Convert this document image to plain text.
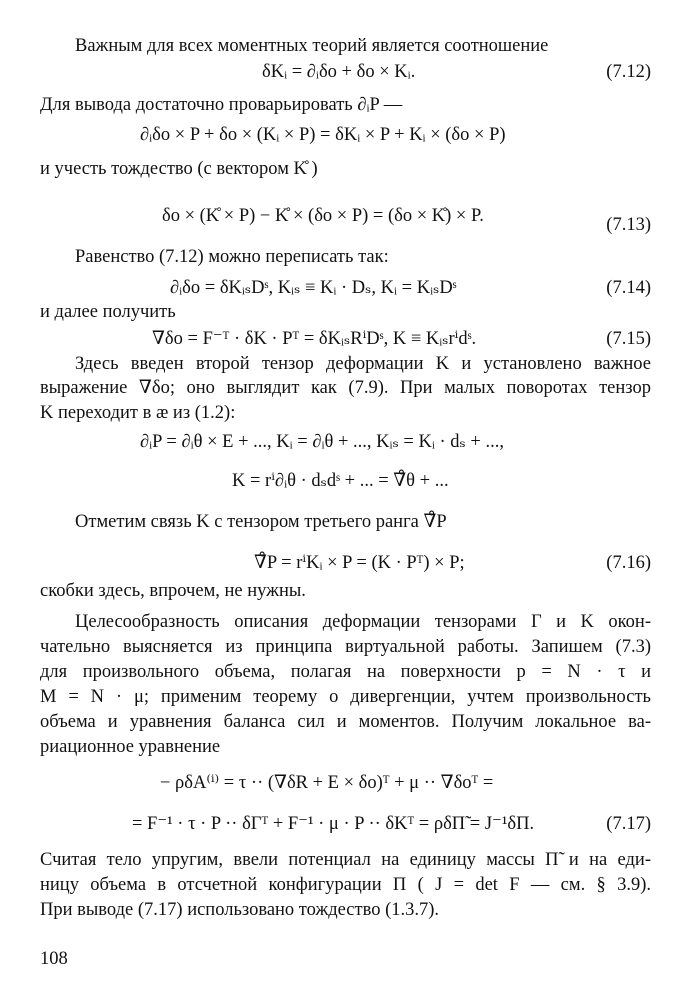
Важным для всех моментных теорий является соотношение
δKᵢ = ∂ᵢδo + δo × Kᵢ.	(7.12)
Для вывода достаточно проварьировать ∂ᵢP —
∂ᵢδo × P + δo × (Kᵢ × P) = δKᵢ × P + Kᵢ × (δo × P)
и учесть тождество (с вектором K̊ )
δo × (K̊ × P) − K̊ × (δo × P) = (δo × K̊) × P.	(7.13)
Равенство (7.12) можно переписать так:
∂ᵢδo = δKᵢₛDˢ, Kᵢₛ ≡ Kᵢ · Dₛ, Kᵢ = KᵢₛDˢ	(7.14)
и далее получить
∇δo = F⁻ᵀ · δK · Pᵀ = δKᵢₛRⁱDˢ, K ≡ Kᵢₛrⁱdˢ.	(7.15)
Здесь введен второй тензор деформации K и установлено важное
выражение ∇δo; оно выглядит как (7.9). При малых поворотах тензор
K переходит в æ из (1.2):
∂ᵢP = ∂ᵢθ × E + ..., Kᵢ = ∂ᵢθ + ..., Kᵢₛ = Kᵢ · dₛ + ...,
K = rⁱ∂ᵢθ · dₛdˢ + ... = ∇̊θ + ...
Отметим связь K с тензором третьего ранга ∇̊P
∇̊P = rⁱKᵢ × P = (K · Pᵀ) × P;	(7.16)
скобки здесь, впрочем, не нужны.
Целесообразность описания деформации тензорами Γ и K окон-
чательно выясняется из принципа виртуальной работы. Запишем (7.3)
для произвольного объема, полагая на поверхности p = N · τ и
M = N · μ; применим теорему о дивергенции, учтем произвольность
объема и уравнения баланса сил и моментов. Получим локальное ва-
риационное уравнение
− ρδA⁽ⁱ⁾ = τ ·· (∇δR + E × δo)ᵀ + μ ·· ∇δoᵀ =
= F⁻¹ · τ · P ·· δΓᵀ + F⁻¹ · μ · P ·· δKᵀ = ρδΠ̃ = J⁻¹δΠ.	(7.17)
Считая тело упругим, ввели потенциал на единицу массы Π̃ и на еди-
ницу объема в отсчетной конфигурации Π ( J = det F — см. § 3.9).
При выводе (7.17) использовано тождество (1.3.7).
108
